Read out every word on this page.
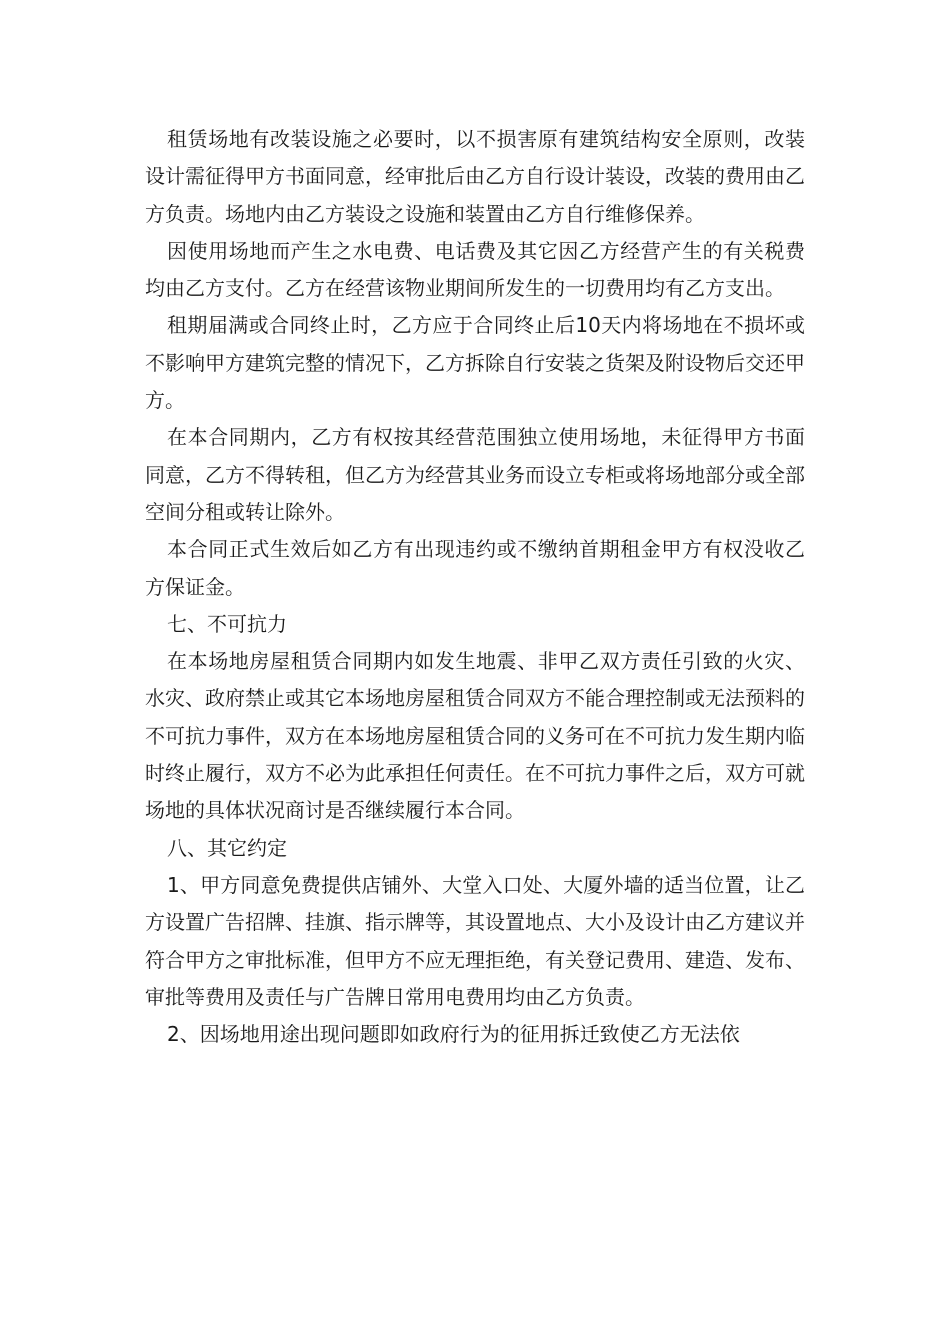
租赁场地有改装设施之必要时，以不损害原有建筑结构安全原则，改装设计需征得甲方书面同意，经审批后由乙方自行设计装设，改装的费用由乙方负责。场地内由乙方装设之设施和装置由乙方自行维修保养。

因使用场地而产生之水电费、电话费及其它因乙方经营产生的有关税费均由乙方支付。乙方在经营该物业期间所发生的一切费用均有乙方支出。

租期届满或合同终止时，乙方应于合同终止后10天内将场地在不损坏或不影响甲方建筑完整的情况下，乙方拆除自行安装之货架及附设物后交还甲方。

在本合同期内，乙方有权按其经营范围独立使用场地，未征得甲方书面同意，乙方不得转租，但乙方为经营其业务而设立专柜或将场地部分或全部空间分租或转让除外。

本合同正式生效后如乙方有出现违约或不缴纳首期租金甲方有权没收乙方保证金。

七、不可抗力

在本场地房屋租赁合同期内如发生地震、非甲乙双方责任引致的火灾、水灾、政府禁止或其它本场地房屋租赁合同双方不能合理控制或无法预料的不可抗力事件，双方在本场地房屋租赁合同的义务可在不可抗力发生期内临时终止履行，双方不必为此承担任何责任。在不可抗力事件之后，双方可就场地的具体状况商讨是否继续履行本合同。

八、其它约定

1、甲方同意免费提供店铺外、大堂入口处、大厦外墙的适当位置，让乙方设置广告招牌、挂旗、指示牌等，其设置地点、大小及设计由乙方建议并符合甲方之审批标准，但甲方不应无理拒绝，有关登记费用、建造、发布、审批等费用及责任与广告牌日常用电费用均由乙方负责。

2、因场地用途出现问题即如政府行为的征用拆迁致使乙方无法依
